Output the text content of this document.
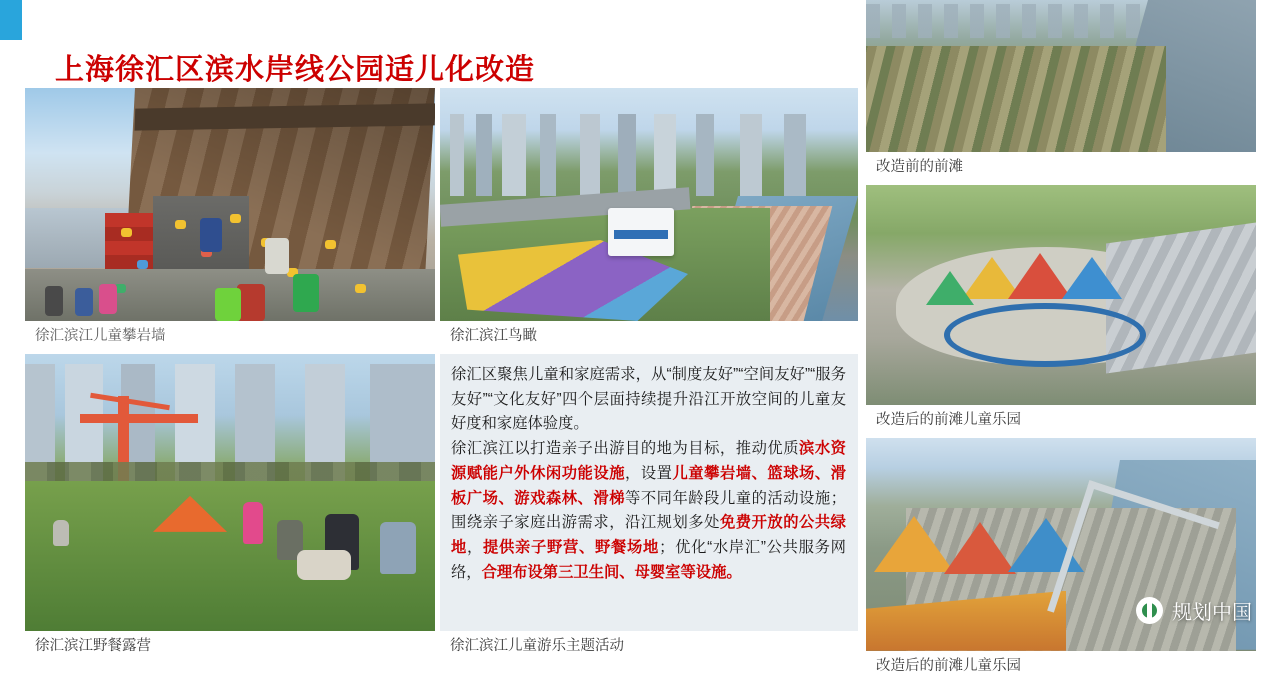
上海徐汇区滨水岸线公园适儿化改造
徐汇滨江儿童攀岩墙
徐汇滨江野餐露营
徐汇滨江鸟瞰

徐汇区聚焦儿童和家庭需求，从“制度友好”“空间友好”“服务友好”“文化友好”四个层面持续提升沿江开放空间的儿童友好度和家庭体验度。

徐汇滨江以打造亲子出游目的地为目标，推动优质滨水资源赋能户外休闲功能设施，设置儿童攀岩墙、篮球场、滑板广场、游戏森林、滑梯等不同年龄段儿童的活动设施；围绕亲子家庭出游需求，沿江规划多处免费开放的公共绿地，提供亲子野营、野餐场地；优化“水岸汇”公共服务网络，合理布设第三卫生间、母婴室等设施。

徐汇滨江儿童游乐主题活动
改造前的前滩
改造后的前滩儿童乐园
改造后的前滩儿童乐园
规划中国
